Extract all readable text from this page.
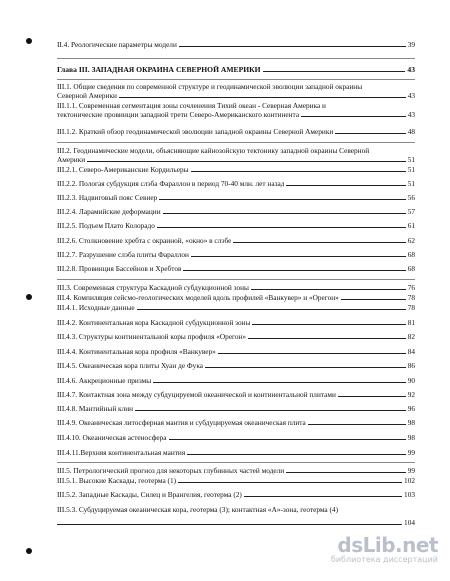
II.4. Реологические параметры модели	39
Глава III. ЗАПАДНАЯ ОКРАИНА СЕВЕРНОЙ АМЕРИКИ	43
III.1. Общие сведения по современной структуре и геодинамической эволюции западной окраины
Северной Америки	43
III.1.1. Современная сегментация зоны сочленения Тихий океан - Северная Америка и
тектонические провинции западной трети Северо-Американского континента	43
III.1.2. Краткий обзор геодинамической эволюции западной окраины Северной Америки	48
III.2. Геодинамические модели, объясняющие кайнозойскую тектонику западной окраины Северной
Америки	51
III.2.1. Северо-Американские Кордильеры	51
III.2.2. Пологая субдукция слэба Фараллон в период 70-40 млн. лет назад	51
III.2.3. Надвиговый пояс Севиер	56
III.2.4. Ларамийские деформации	57
III.2.5. Подъем Плато Колорадо	61
III.2.6. Столкновение хребта с окраиной, «окно» в слэбе	62
III.2.7. Разрушение слэба плиты Фараллон	68
III.2.8. Провинция Бассейнов и Хребтов	68
III.3. Современная структура Каскадной субдукционной зоны	76
III.4. Компиляция сейсмо-геологических моделей вдоль профилей «Ванкувер» и «Орегон»	78
III.4.1. Исходные данные	78
III.4.2. Континентальная кора Каскадной субдукционной зоны	81
III.4.3. Структуры континентальной коры профиля «Орегон»	82
III.4.4. Континентальная кора профиля «Ванкувер»	84
III.4.5. Океаническая кора плиты Хуан де Фука	86
III.4.6. Аккреционные призмы	90
III.4.7. Контактная зона между субдуцируемой океанической и континентальной плитами	92
III.4.8. Мантийный клин	96
III.4.9. Океаническая литосферная мантия и субдуцируемая океаническая плита	98
III.4.10. Океаническая астеносфера	98
III.4.11.Верхняя континентальная мантия	99
III.5. Петрологический прогноз для некоторых глубинных частей модели	99
III.5.1. Высокие Каскады, геотерма (1)	102
III.5.2. Западные Каскады, Силец и Врангелия, геотерма (2)	103
III.5.3. Субдуцируемая океаническая кора, геотерма (3); контактная «А»-зона, геотерма (4)
104
dsLib.net
библиотека диссертаций
